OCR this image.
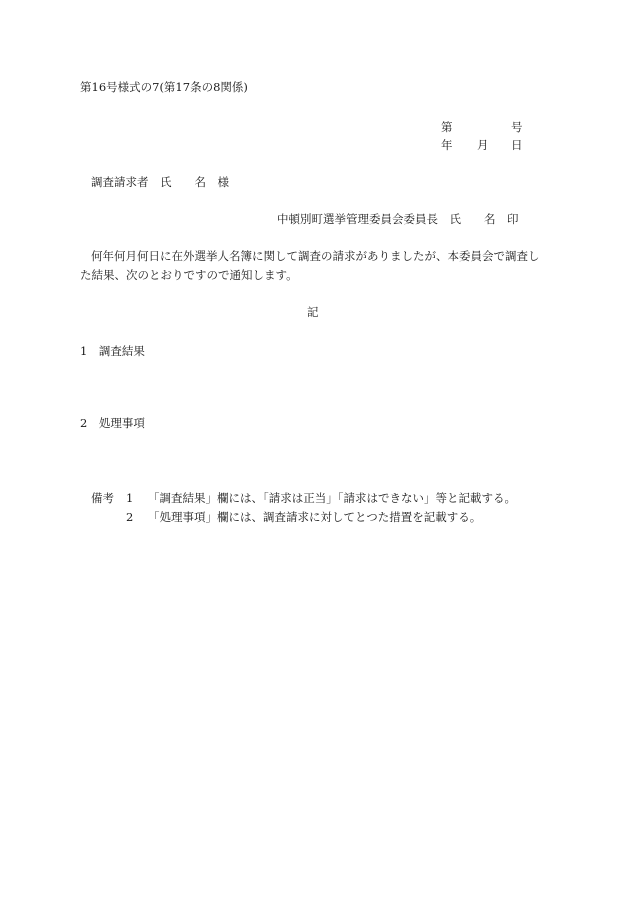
第16号様式の7(第17条の8関係)
第	号
年 月 日
調査請求者　氏　　名　様
中頓別町選挙管理委員会委員長　氏　　名　印
何年何月何日に在外選挙人名簿に関して調査の請求がありましたが、本委員会で調査し
た結果、次のとおりですので通知します。
記
1　調査結果
2　処理事項
備考 1 「調査結果」欄には、「請求は正当」「請求はできない」等と記載する。
2 「処理事項」欄には、調査請求に対してとつた措置を記載する。
